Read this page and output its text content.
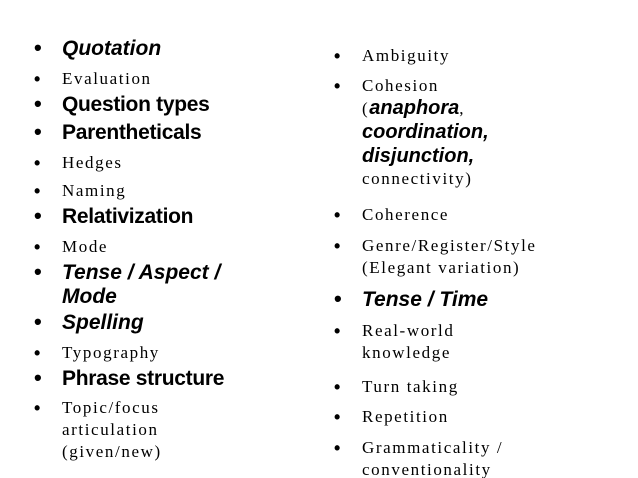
• Quotation
• Evaluation
• Question types
• Parentheticals
• Hedges
• Naming
• Relativization
• Mode
• Tense / Aspect /
Mode
• Spelling
• Typography
• Phrase structure
• Topic/focus
articulation
(given/new)
• Ambiguity
• Cohesion
(anaphora,
coordination,
disjunction,
connectivity)
• Coherence
• Genre/Register/Style
(Elegant variation)
• Tense / Time
• Real-world
knowledge
• Turn taking
• Repetition
• Grammaticality /
conventionality
